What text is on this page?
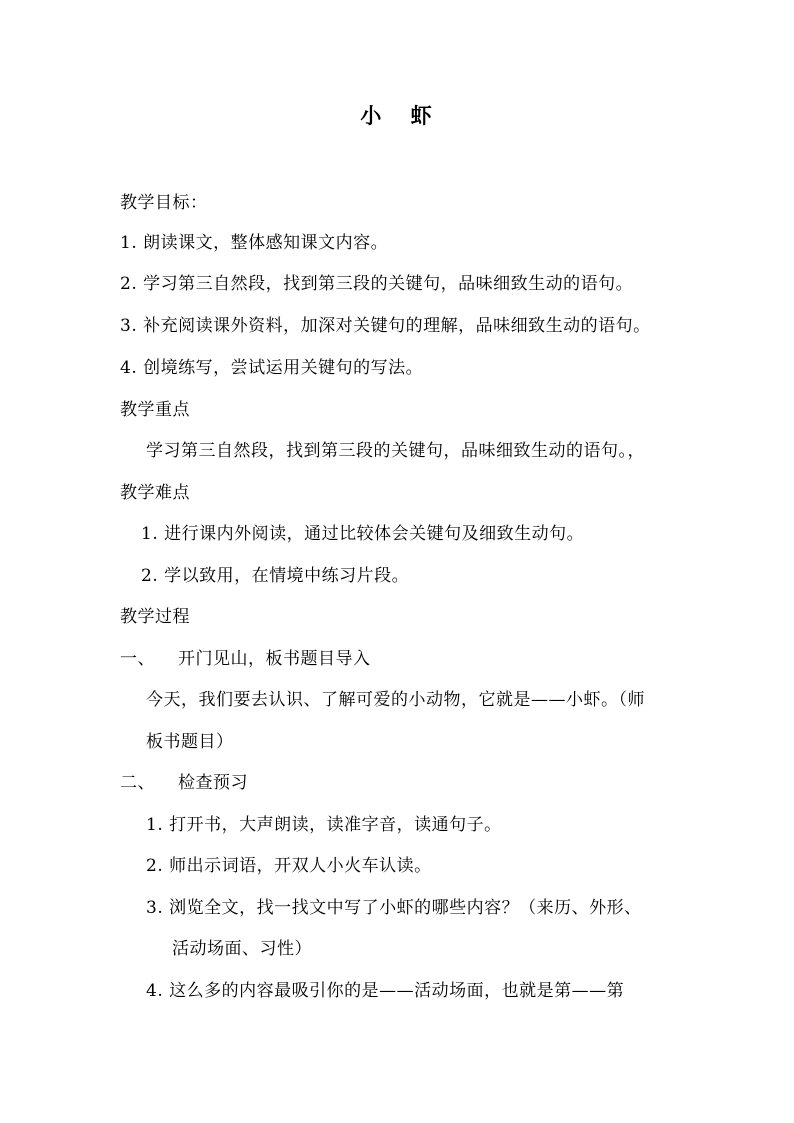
小 虾
教学目标：
1. 朗读课文，整体感知课文内容。
2. 学习第三自然段，找到第三段的关键句，品味细致生动的语句。
3. 补充阅读课外资料，加深对关键句的理解，品味细致生动的语句。
4. 创境练写，尝试运用关键句的写法。
教学重点
学习第三自然段，找到第三段的关键句，品味细致生动的语句。，
教学难点
1. 进行课内外阅读，通过比较体会关键句及细致生动句。
2. 学以致用，在情境中练习片段。
教学过程
一、 开门见山，板书题目导入
今天，我们要去认识、了解可爱的小动物，它就是——小虾。（师
板书题目）
二、 检查预习
1. 打开书，大声朗读，读准字音，读通句子。
2. 师出示词语，开双人小火车认读。
3. 浏览全文，找一找文中写了小虾的哪些内容？（来历、外形、
活动场面、习性）
4. 这么多的内容最吸引你的是——活动场面，也就是第——第
